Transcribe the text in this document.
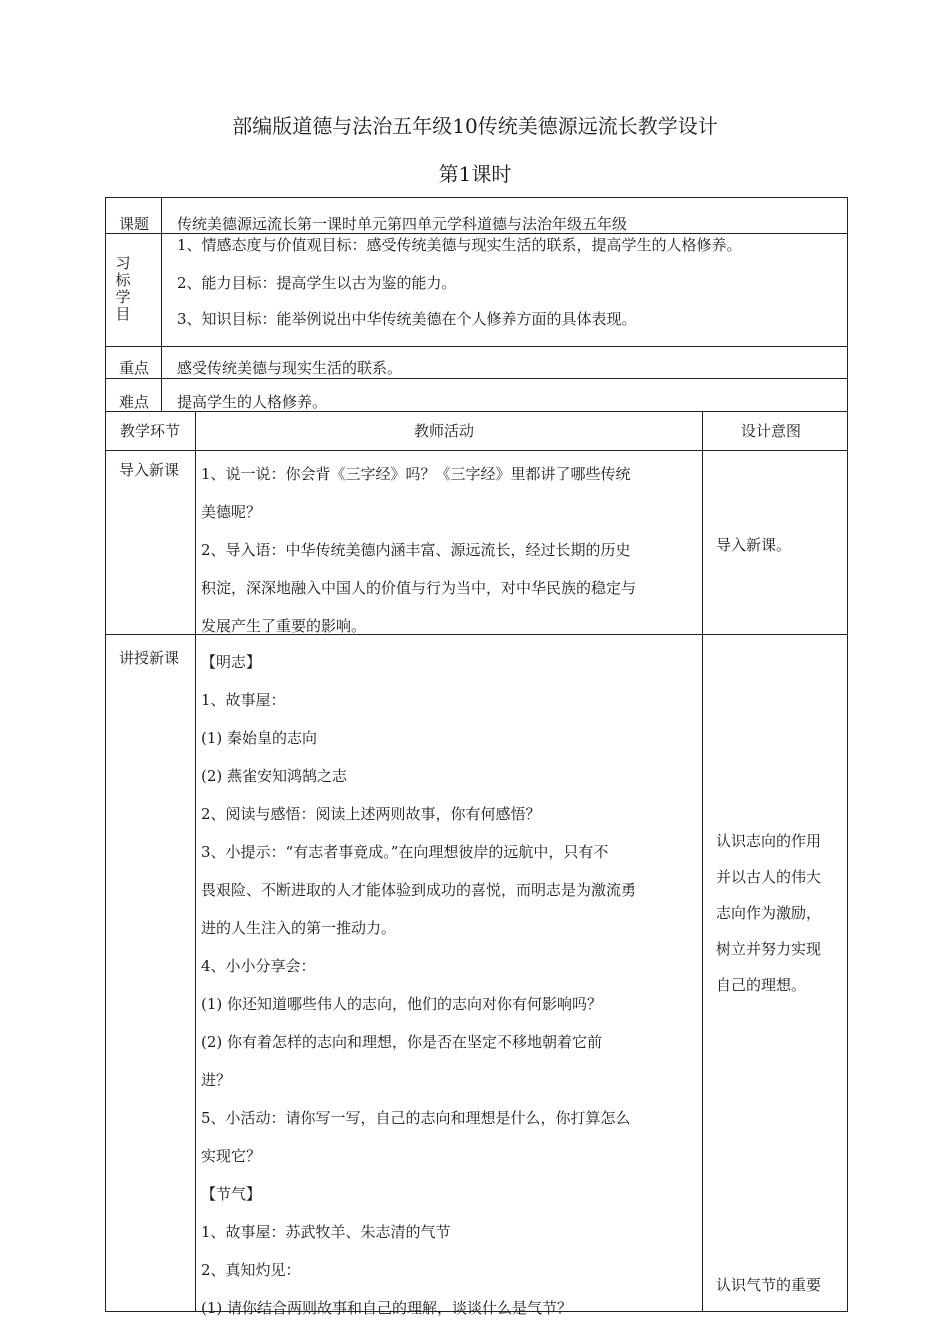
部编版道德与法治五年级10传统美德源远流长教学设计
第1课时
课题 传统美德源远流长第一课时单元第四单元学科道德与法治年级五年级
习标学目
1、情感态度与价值观目标：感受传统美德与现实生活的联系，提高学生的人格修养。
2、能力目标：提高学生以古为鉴的能力。
3、知识目标：能举例说出中华传统美德在个人修养方面的具体表现。
重点 感受传统美德与现实生活的联系。
难点 提高学生的人格修养。
教学环节	教师活动	设计意图
导入新课 1、说一说：你会背《三字经》吗？《三字经》里都讲了哪些传统

美德呢？

2、导入语：中华传统美德内涵丰富、源远流长，经过长期的历史

积淀，深深地融入中国人的价值与行为当中，对中华民族的稳定与

发展产生了重要的影响。

导入新课。
讲授新课 【明志】

1、故事屋：

(1) 秦始皇的志向

(2) 燕雀安知鸿鹄之志

2、阅读与感悟：阅读上述两则故事，你有何感悟？

3、小提示：“有志者事竟成。”在向理想彼岸的远航中，只有不

畏艰险、不断进取的人才能体验到成功的喜悦，而明志是为激流勇

进的人生注入的第一推动力。

4、小小分享会：

(1) 你还知道哪些伟人的志向，他们的志向对你有何影响吗？

(2) 你有着怎样的志向和理想，你是否在坚定不移地朝着它前

进？

5、小活动：请你写一写，自己的志向和理想是什么，你打算怎么

实现它？

【节气】

1、故事屋：苏武牧羊、朱志清的气节

2、真知灼见：

(1) 请你结合两则故事和自己的理解，谈谈什么是气节？

认识志向的作用

并以古人的伟大

志向作为激励，

树立并努力实现

自己的理想。

认识气节的重要
